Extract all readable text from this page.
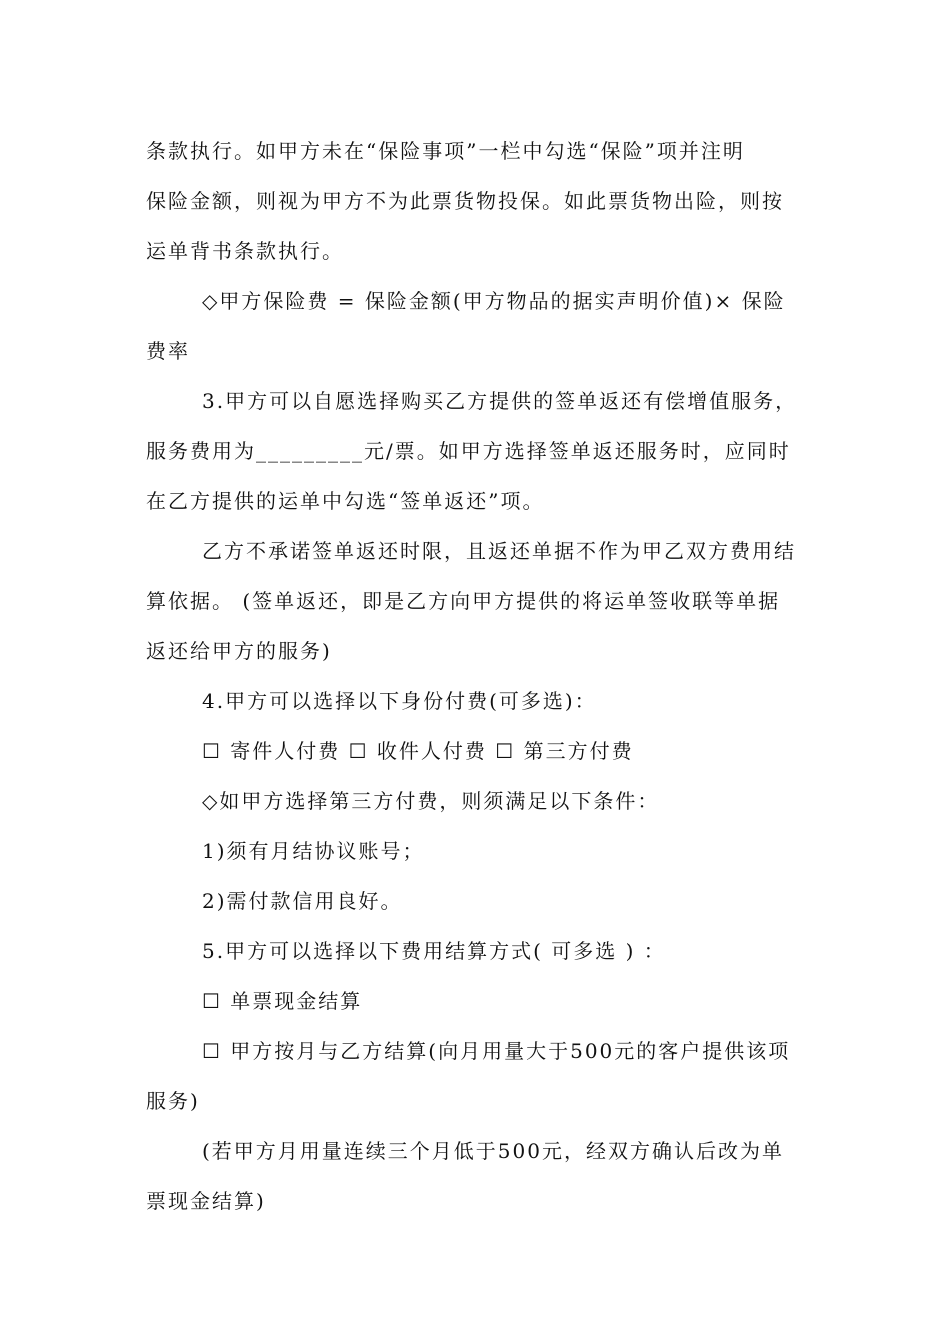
条款执行。如甲方未在“保险事项”一栏中勾选“保险”项并注明
保险金额，则视为甲方不为此票货物投保。如此票货物出险，则按
运单背书条款执行。
◇甲方保险费 = 保险金额(甲方物品的据实声明价值)× 保险
费率
3.甲方可以自愿选择购买乙方提供的签单返还有偿增值服务，
服务费用为_________元/票。如甲方选择签单返还服务时，应同时
在乙方提供的运单中勾选“签单返还”项。
乙方不承诺签单返还时限，且返还单据不作为甲乙双方费用结
算依据。 (签单返还，即是乙方向甲方提供的将运单签收联等单据
返还给甲方的服务)
4.甲方可以选择以下身份付费(可多选)：
☐ 寄件人付费 ☐ 收件人付费 ☐ 第三方付费
◇如甲方选择第三方付费，则须满足以下条件：
1)须有月结协议账号；
2)需付款信用良好。
5.甲方可以选择以下费用结算方式( 可多选 ) ：
☐ 单票现金结算
☐ 甲方按月与乙方结算(向月用量大于500元的客户提供该项
服务)
(若甲方月用量连续三个月低于500元，经双方确认后改为单
票现金结算)
